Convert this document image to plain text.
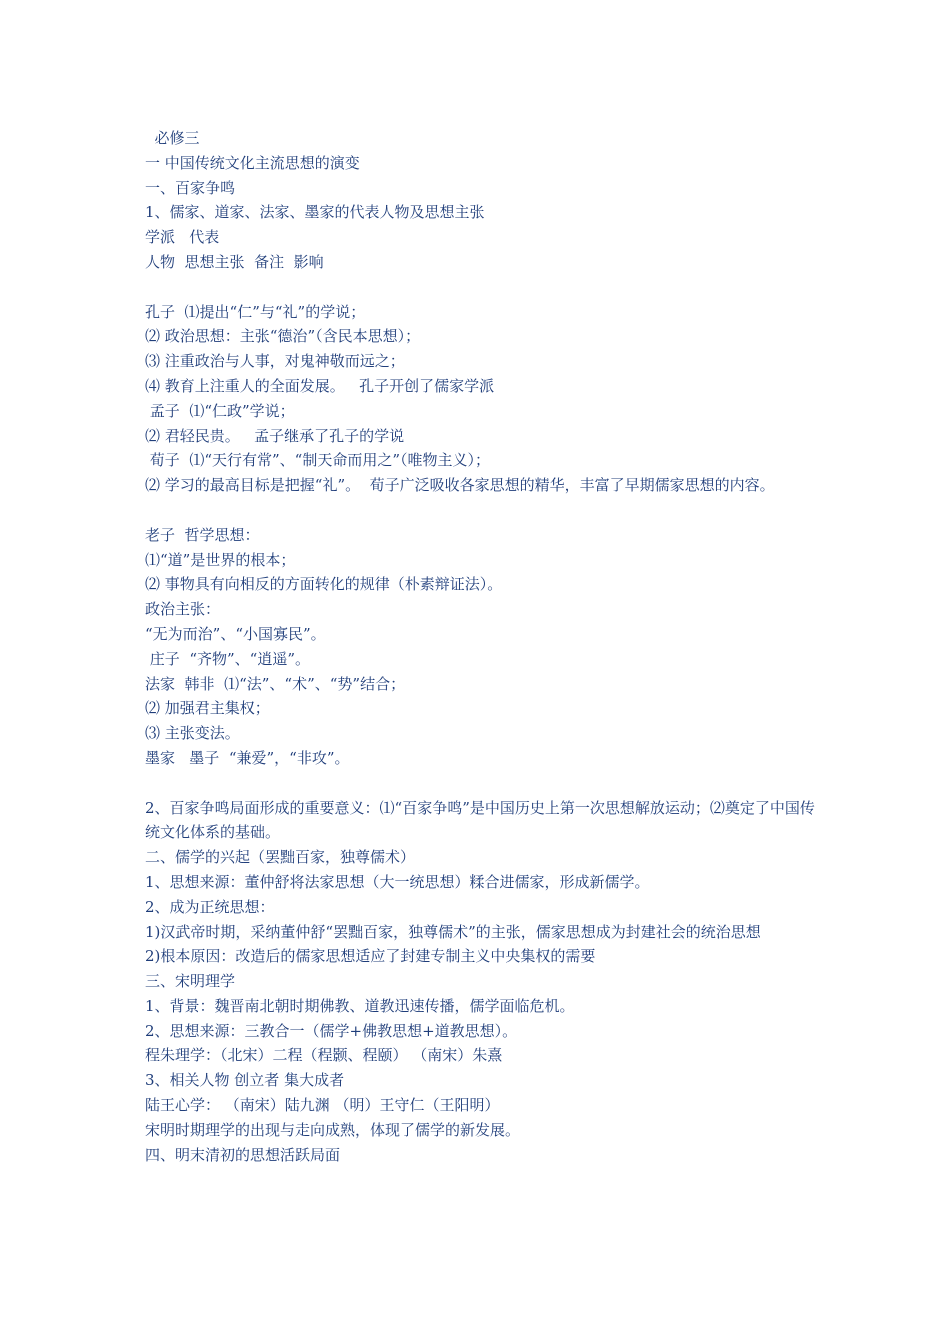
必修三
一 中国传统文化主流思想的演变
一、百家争鸣
1、儒家、道家、法家、墨家的代表人物及思想主张
学派   代表
人物  思想主张  备注  影响
孔子  ⑴提出“仁”与“礼”的学说；
⑵ 政治思想：主张“德治”（含民本思想）；
⑶ 注重政治与人事，对鬼神敬而远之；
⑷ 教育上注重人的全面发展。   孔子开创了儒家学派
孟子  ⑴“仁政”学说；
⑵ 君轻民贵。   孟子继承了孔子的学说
荀子  ⑴“天行有常”、“制天命而用之”（唯物主义）；
⑵ 学习的最高目标是把握“礼”。  荀子广泛吸收各家思想的精华，丰富了早期儒家思想的内容。
老子  哲学思想：
⑴“道”是世界的根本；
⑵ 事物具有向相反的方面转化的规律（朴素辩证法）。
政治主张：
“无为而治”、“小国寡民”。
庄子  “齐物”、“逍遥”。
法家  韩非  ⑴“法”、“术”、“势”结合；
⑵ 加强君主集权；
⑶ 主张变法。
墨家   墨子  “兼爱”，“非攻”。
2、百家争鸣局面形成的重要意义：⑴“百家争鸣”是中国历史上第一次思想解放运动；⑵奠定了中国传统文化体系的基础。
二、儒学的兴起（罢黜百家，独尊儒术）
1、思想来源：董仲舒将法家思想（大一统思想）糅合进儒家，形成新儒学。
2、成为正统思想：
1)汉武帝时期，采纳董仲舒“罢黜百家，独尊儒术”的主张，儒家思想成为封建社会的统治思想
2)根本原因：改造后的儒家思想适应了封建专制主义中央集权的需要
三、宋明理学
1、背景：魏晋南北朝时期佛教、道教迅速传播，儒学面临危机。
2、思想来源：三教合一（儒学+佛教思想+道教思想）。
程朱理学：（北宋）二程（程颢、程颐） （南宋）朱熹
3、相关人物 创立者 集大成者
陆王心学： （南宋）陆九渊 （明）王守仁（王阳明）
宋明时期理学的出现与走向成熟，体现了儒学的新发展。
四、明末清初的思想活跃局面
